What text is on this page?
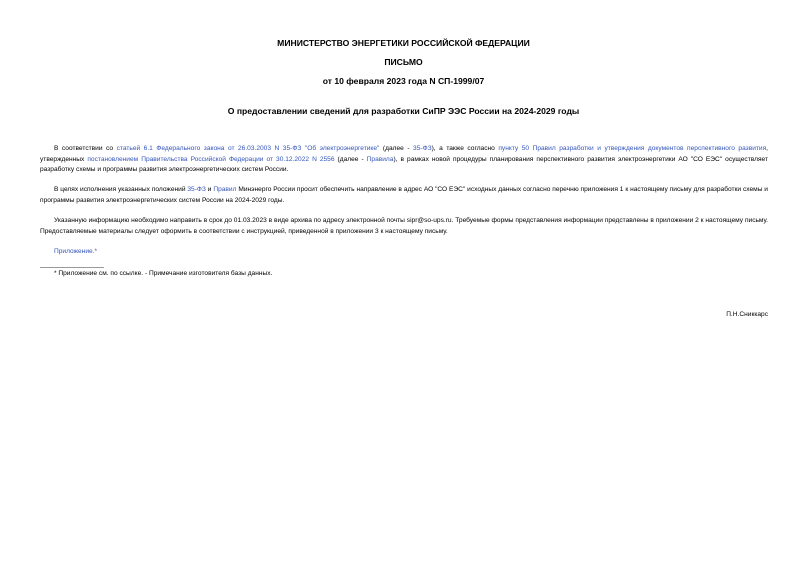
МИНИСТЕРСТВО ЭНЕРГЕТИКИ РОССИЙСКОЙ ФЕДЕРАЦИИ
ПИСЬМО
от 10 февраля 2023 года N СП-1999/07
О предоставлении сведений для разработки СиПР ЭЭС России на 2024-2029 годы
В соответствии со статьей 6.1 Федерального закона от 26.03.2003 N 35-ФЗ "Об электроэнергетике" (далее - 35-ФЗ), а также согласно пункту 50 Правил разработки и утверждения документов перспективного развития, утвержденных постановлением Правительства Российской Федерации от 30.12.2022 N 2556 (далее - Правила), в рамках новой процедуры планирования перспективного развития электроэнергетики АО "СО ЕЭС" осуществляет разработку схемы и программы развития электроэнергетических систем России.
В целях исполнения указанных положений 35-ФЗ и Правил Минэнерго России просит обеспечить направление в адрес АО "СО ЕЭС" исходных данных согласно перечню приложения 1 к настоящему письму для разработки схемы и программы развития электроэнергетических систем России на 2024-2029 годы.
Указанную информацию необходимо направить в срок до 01.03.2023 в виде архива по адресу электронной почты sipr@so-ups.ru. Требуемые формы представления информации представлены в приложении 2 к настоящему письму. Предоставляемые материалы следует оформить в соответствии с инструкцией, приведенной в приложении 3 к настоящему письму.
Приложение.*
* Приложение см. по ссылке. - Примечание изготовителя базы данных.
П.Н.Сниккарс
